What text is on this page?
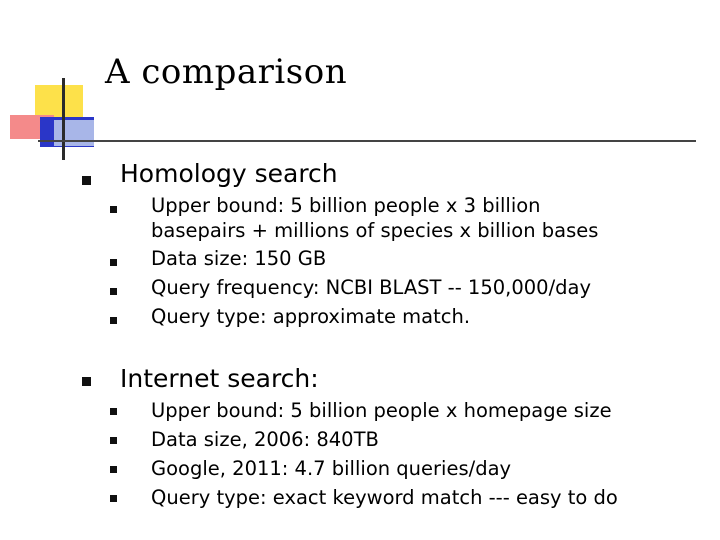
A comparison
Homology search
Upper bound: 5 billion people x 3 billion
basepairs + millions of species x billion bases
Data size: 150 GB
Query frequency: NCBI BLAST -- 150,000/day
Query type: approximate match.
Internet search:
Upper bound: 5 billion people x homepage size
Data size, 2006: 840TB
Google, 2011: 4.7 billion queries/day
Query type: exact keyword match --- easy to do
